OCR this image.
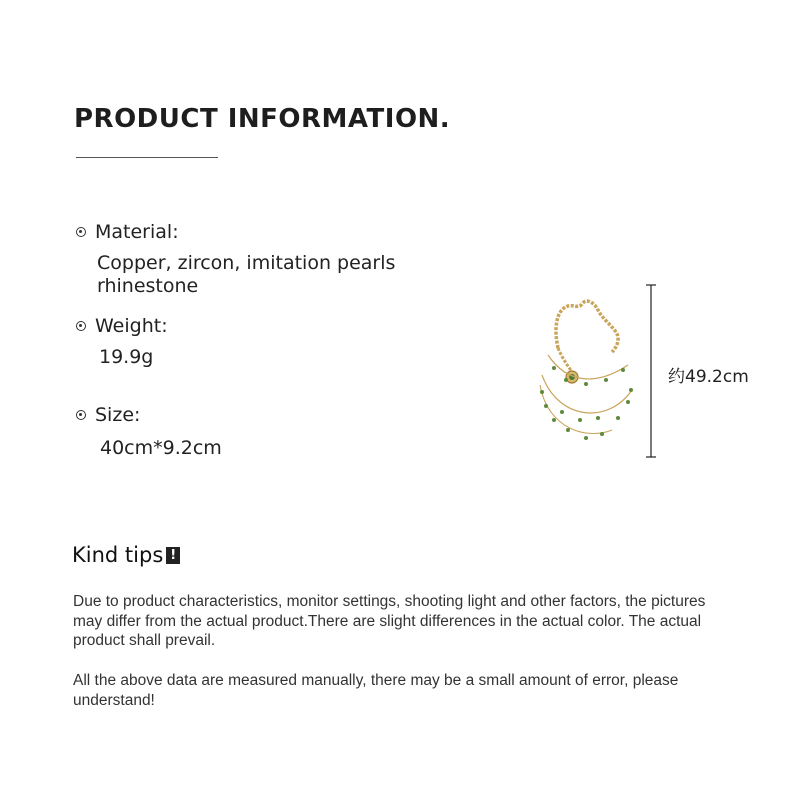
PRODUCT INFORMATION.
Material:
Copper, zircon, imitation pearls
rhinestone
Weight:
19.9g
Size:
40cm*9.2cm
约49.2cm
Kind tips !
Due to product characteristics, monitor settings, shooting light and other factors, the pictures may differ from the actual product.There are slight differences in the actual color. The actual product shall prevail.
All the above data are measured manually, there may be a small amount of error, please understand!
